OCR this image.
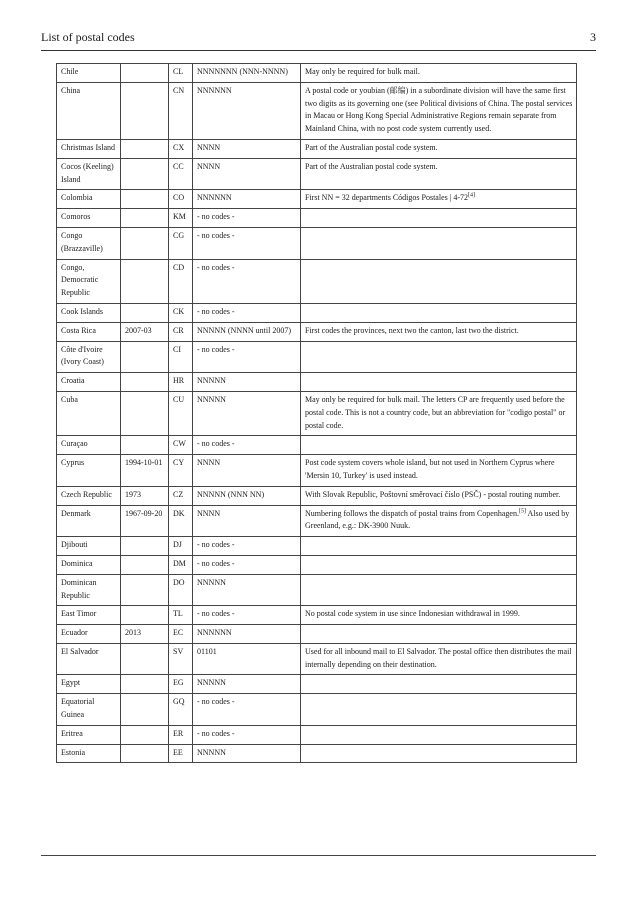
List of postal codes	3
Chile		CL	NNNNNNN (NNN-NNNN)	May only be required for bulk mail.
China		CN	NNNNNN	A postal code or youbian (邮编) in a subordinate division will have the same first two digits as its governing one (see Political divisions of China. The postal services in Macau or Hong Kong Special Administrative Regions remain separate from Mainland China, with no post code system currently used.
Christmas Island		CX	NNNN	Part of the Australian postal code system.
Cocos (Keeling) Island		CC	NNNN	Part of the Australian postal code system.
Colombia		CO	NNNNNN	First NN = 32 departments Códigos Postales | 4-72[4]
Comoros		KM	- no codes -	
Congo (Brazzaville)		CG	- no codes -	
Congo, Democratic Republic		CD	- no codes -	
Cook Islands		CK	- no codes -	
Costa Rica	2007-03	CR	NNNNN (NNNN until 2007)	First codes the provinces, next two the canton, last two the district.
Côte d'Ivoire (Ivory Coast)		CI	- no codes -	
Croatia		HR	NNNNN	
Cuba		CU	NNNNN	May only be required for bulk mail. The letters CP are frequently used before the postal code. This is not a country code, but an abbreviation for "codigo postal" or postal code.
Curaçao		CW	- no codes -	
Cyprus	1994-10-01	CY	NNNN	Post code system covers whole island, but not used in Northern Cyprus where 'Mersin 10, Turkey' is used instead.
Czech Republic	1973	CZ	NNNNN (NNN NN)	With Slovak Republic, Poštovní směrovací číslo (PSČ) - postal routing number.
Denmark	1967-09-20	DK	NNNN	Numbering follows the dispatch of postal trains from Copenhagen.[5] Also used by Greenland, e.g.: DK-3900 Nuuk.
Djibouti		DJ	- no codes -	
Dominica		DM	- no codes -	
Dominican Republic		DO	NNNNN	
East Timor		TL	- no codes -	No postal code system in use since Indonesian withdrawal in 1999.
Ecuador	2013	EC	NNNNNN	
El Salvador		SV	01101	Used for all inbound mail to El Salvador. The postal office then distributes the mail internally depending on their destination.
Egypt		EG	NNNNN	
Equatorial Guinea		GQ	- no codes -	
Eritrea		ER	- no codes -	
Estonia		EE	NNNNN	
